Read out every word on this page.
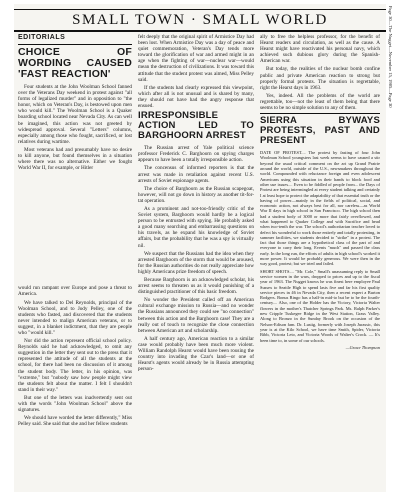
SMALL TOWN · SMALL WORLD	Page 30—The Nugget—November 15, 1985—Page 30
EDITORIALS
CHOICE OF WORDING CAUSED 'FAST REACTION'

Four students at the John Woolman School fanned over the Veterans Day weekend in protest against "all forms of legalized murder" and in opposition to "the honor, which on Veteran's Day, is bestowed upon men who would kill." The Woolman School is a Quaker boarding school located near Nevada City. As can well be imagined, this action was not greeted by widespread approval. Several "Letters" columns, especially among those who fought, sacrificed, or lost relatives during wartime.

Most veterans had and presumably have no desire to kill anyone, but found themselves in a situation where there was no alternative. Either we fought World War II, for example, or Hitler

would run rampant over Europe and pose a threat to America.

We have talked to Del Reynolds, principal of the Woolman School, and to Jody Pelley, one of the students who fasted, and discovered that the students never intended to malign American veterans, or to suggest, in a blanket indictment, that they are people who "would kill."

Nor did the action represent official school policy. Reynolds said he had acknowledged, to omit any suggestion in the letter they sent out to the press that it represented the attitude of all the students at the school, for there had been no discussion of it among the student body. The letter, in his opinion, was "extreme," but "nobody saw how people might view the students felt about the matter. I felt I shouldn't stand in their way."

But one of the letters was inadvertently sent out with the words "John Woolman School" above the signatures.

We should have worded the letter differently," Miss Pelley said. She said that she and her fellow students

felt deeply that the original spirit of Armistice Day had been lost. When Armistice Day was a day of peace and quiet commemoration, Veteran's Day tends more toward the glorification of war and armed might in an age when the fighting of war—nuclear war—would mean the destruction of civilizations. It was toward this attitude that the student protest was aimed, Miss Pelley said.

If the students had clearly expressed this viewpoint, which after all is not unusual and is shared by many, they should not have had the angry response that ensued.

IRRESPONSIBLE ACTION LED TO BARGHOORN ARREST

The Russian arrest of Yale political science professor Frederick C. Barghoorn on spying charges appears to have been a totally irresponsible action.

The concensus of informed reporters is that the arrest was made in retaliation against recent U.S. arrests of Soviet espionage agents.

The choice of Barghoorn as the Russian scapegoat, however, will not go down in history as another tit-for-tat operation.

As a prominent and not-too-friendly critic of the Soviet system, Barghoorn would hardly be a logical person to be entrusted with spying. He probably asked a good many searching and embarrassing questions on his travels, as he expand his knowledge of Soviet affairs, but the probability that he was a spy is virtually nil.

We suspect that the Russians had the idea when they arrested Barghoorn of the storm that would be aroused, for the Russian authorities do not really appreciate how highly Americans prize freedom of speech.

Because Barghoorn is an acknowledged scholar, his arrest seems to threaten us as it would punishing of a distinguished practitioner of this basic freedom.

No wonder the President called off an American cultural exchange mission to Russia—and no wonder the Russians announced they could see "no connection" between this action and the Barghoorn case! They are a really out of touch to recognize the close connection between American art and scholarship.

A half century ago, American reaction to a similar case would probably have been much more violent. William Randolph Hearst would have been rousing the country into invading the Czar's land—or one of Hearst's agents would already be in Russia attempting person-

ally to free the helpless professor, for the benefit of Hearst readers and circulation, as well as the cause. A Hearst might have reactivated his personal navy, which achieved such dubious glory during the Spanish-American war.

But today, the realities of the nuclear bomb confine public and private American reaction to strong but properly formal protests. The situation is regrettable, right the Hearst days in 1963.

Yes, indeed. All the problems of the world are regrettable, too—not the least of them being that there seems to be no simple solution to any of them.

SIERRA BYWAYS PROTESTS, PAST AND PRESENT

DATE OF PROTEST.... The protest by fasting of four John Woolman School youngsters last week seems to have caused a stir beyond the usual critical comment on the art up Grand Prairie around the world, outside of the U.S., newsmakers throughout the world. Compounded with reluctance foreign and even adolescent Americans using this situation in their hands to block food and other use issues.... Even to be fiddled of people from... the Days of Protest are being intermingled at every student talking and certainly I at least hope to protect the adaptability of that essential truth or the having of power—mainly in the fields of political, social, and economic action, not always best for all, nor careless—as World War II days in high school in San Francisco. The high school then had a student body of 3000 or more that fairly overflowed, and what happened to Quaker College and with Sacrifice and head when two-tenth the war. The school's authoritarian teacher loved to defect his wonderful to work those entirely and totally protesting, in summer facilities, we students decided to "strike" in a protest. The fact that those things are a hypothetical class of the part of and everyone to carry their long. Events "much" and passed the class early. In the long run, the efforts of adults in high school's worked it more power. It would be probably generous. We were then in the way good, protest; but we tried and failed.

SHORT SHOTS.... "Mr. Cole," Small's unassuming reply to Small service women in the wars, dropped to prices and up to the fiscal year of 1963. The Nugget knows he was finest here employee Paul Sussex to Seattle High to spend lasts five and far his first quality service pieces in 46 in Nevada City, then a recent expert a Burton Rodgers. Bonus Ringo has a half-in mid-to but be to be the fourth-century.... Also, one of the Holder has the Victory, Victoria Walter flowers in the mother's Thatcher Springs Park. Ms. Ralph Parker's new Cripple Tuskegee Ridge in the West Station, Grass Valley. Along to Bronzo in the Sunday Brook on the occasion of the Nelson-Edison fam. Dr. Lustig, formerly with Joseph Jurassic, this year is at the Kilo School, we have time Smith, Spider, Victoria Bibb, Victoria Leto, and Victoria Woods of Walter's Crock. — It's been time to, in some of our schools.

—Grace Thompson
